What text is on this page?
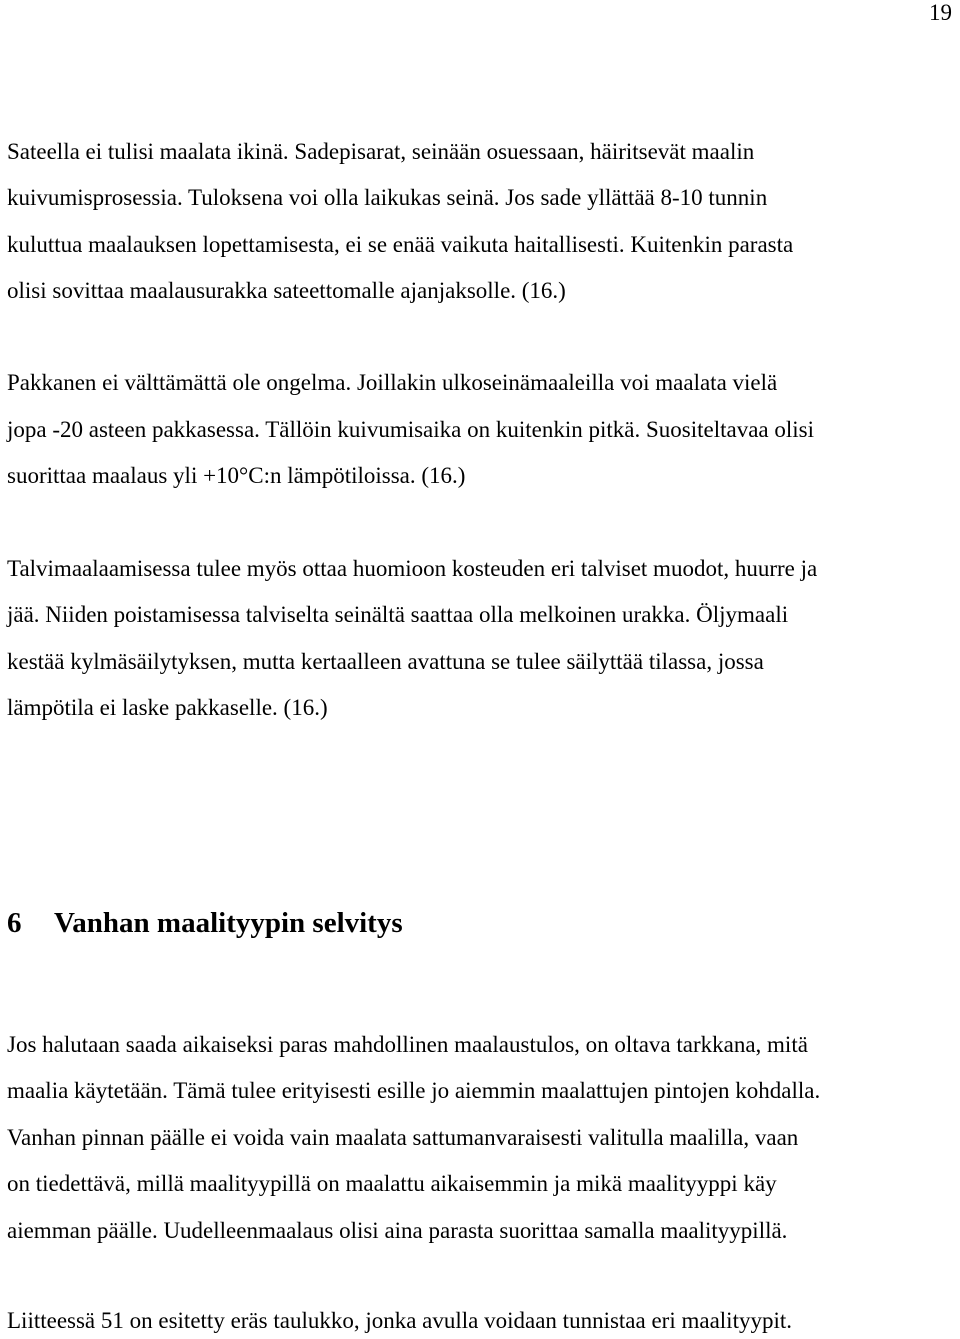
19
Sateella ei tulisi maalata ikinä. Sadepisarat, seinään osuessaan, häiritsevät maalin
kuivumisprosessia. Tuloksena voi olla laikukas seinä. Jos sade yllättää 8-10 tunnin
kuluttua maalauksen lopettamisesta, ei se enää vaikuta haitallisesti. Kuitenkin parasta
olisi sovittaa maalausurakka sateettomalle ajanjaksolle. (16.)
Pakkanen ei välttämättä ole ongelma. Joillakin ulkoseinämaaleilla voi maalata vielä
jopa -20 asteen pakkasessa. Tällöin kuivumisaika on kuitenkin pitkä. Suositeltavaa olisi
suorittaa maalaus yli +10°C:n lämpötiloissa. (16.)
Talvimaalaamisessa tulee myös ottaa huomioon kosteuden eri talviset muodot, huurre ja
jää. Niiden poistamisessa talviselta seinältä saattaa olla melkoinen urakka. Öljymaali
kestää kylmäsäilytyksen, mutta kertaalleen avattuna se tulee säilyttää tilassa, jossa
lämpötila ei laske pakkaselle. (16.)
6 Vanhan maalityypin selvitys
Jos halutaan saada aikaiseksi paras mahdollinen maalaustulos, on oltava tarkkana, mitä
maalia käytetään. Tämä tulee erityisesti esille jo aiemmin maalattujen pintojen kohdalla.
Vanhan pinnan päälle ei voida vain maalata sattumanvaraisesti valitulla maalilla, vaan
on tiedettävä, millä maalityypillä on maalattu aikaisemmin ja mikä maalityyppi käy
aiemman päälle. Uudelleenmaalaus olisi aina parasta suorittaa samalla maalityypillä.
Liitteessä 51 on esitetty eräs taulukko, jonka avulla voidaan tunnistaa eri maalityypit.
